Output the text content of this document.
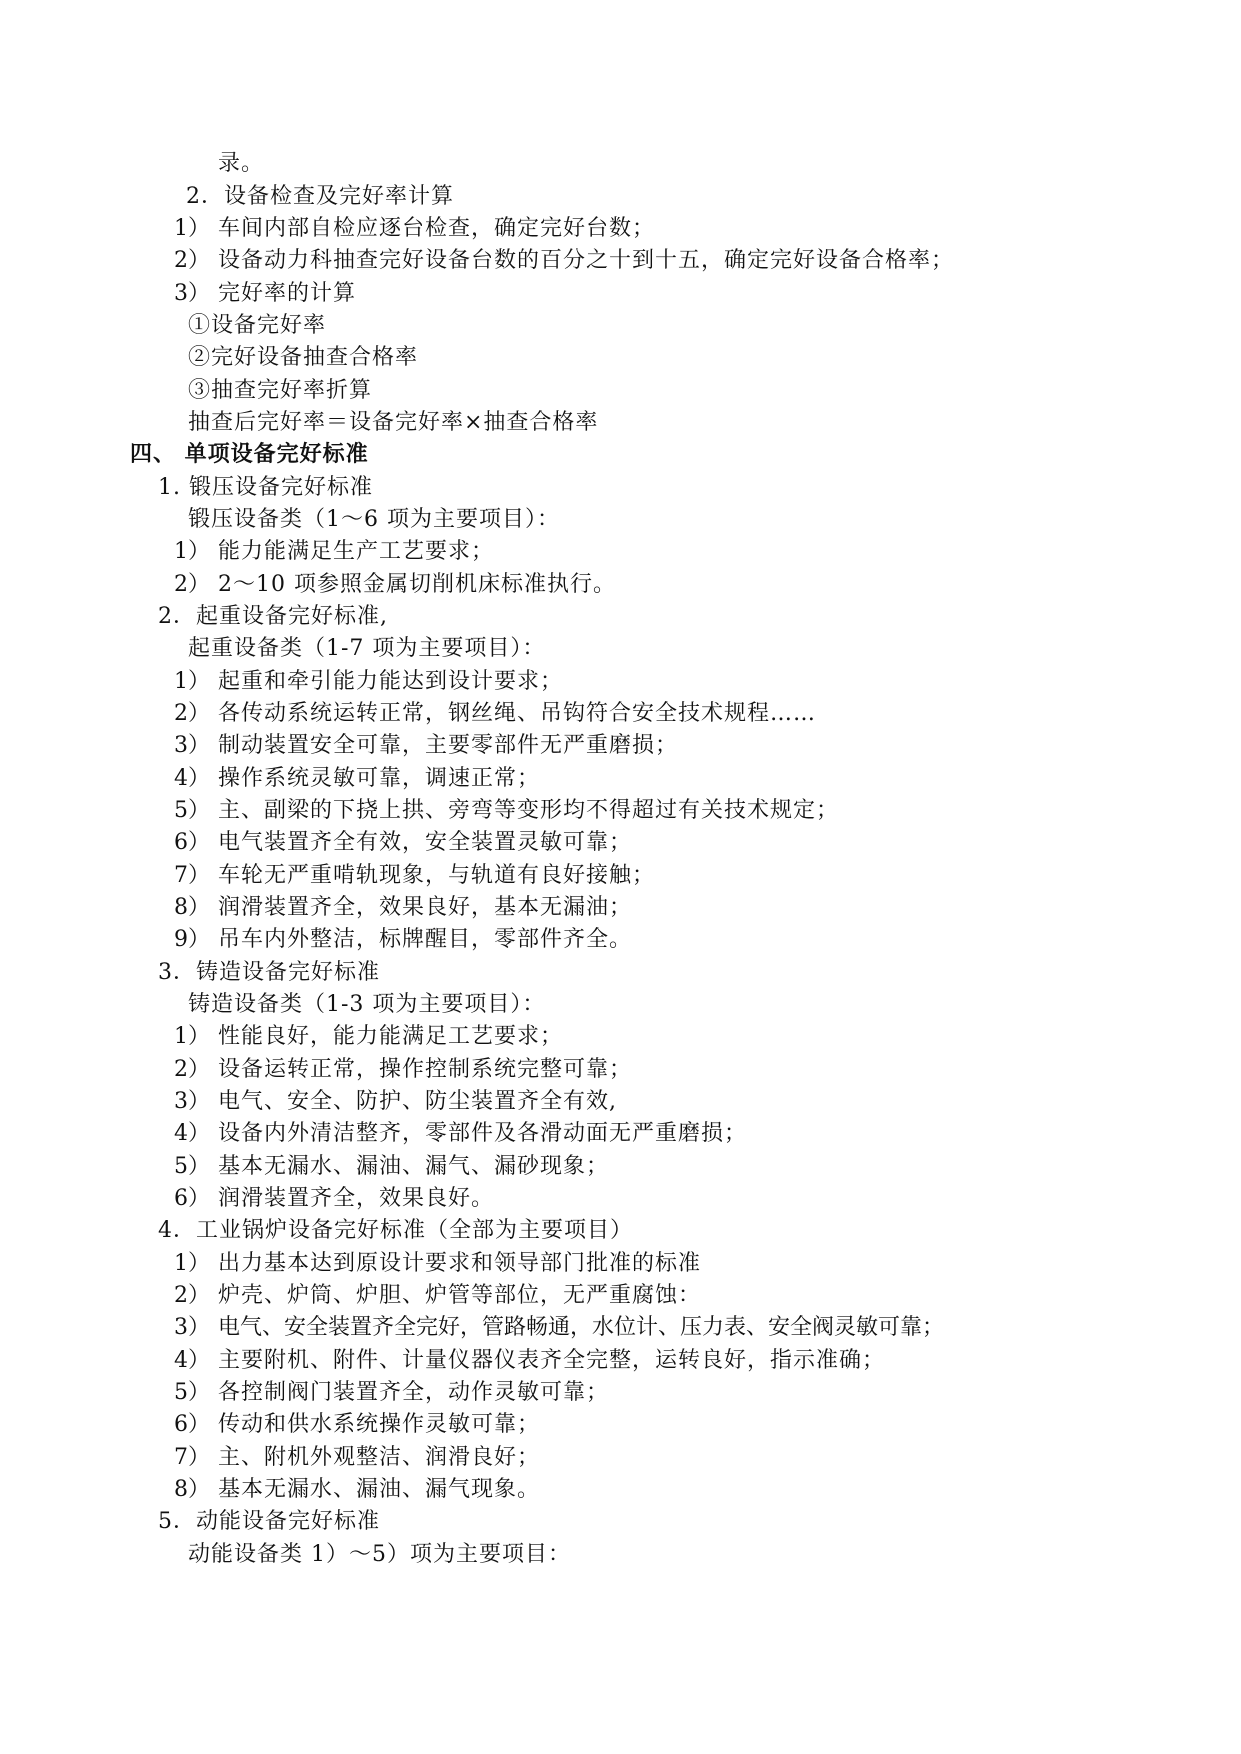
录。
2．设备检查及完好率计算
1） 车间内部自检应逐台检查，确定完好台数；
2） 设备动力科抽查完好设备台数的百分之十到十五，确定完好设备合格率；
3） 完好率的计算
①设备完好率
②完好设备抽查合格率
③抽查完好率折算
抽查后完好率＝设备完好率×抽查合格率
四、 单项设备完好标准
1. 锻压设备完好标准
锻压设备类（1～6 项为主要项目）：
1） 能力能满足生产工艺要求；
2） 2～10 项参照金属切削机床标准执行。
2．起重设备完好标准,
起重设备类（1-7 项为主要项目）：
1） 起重和牵引能力能达到设计要求；
2） 各传动系统运转正常，钢丝绳、吊钩符合安全技术规程……
3） 制动装置安全可靠，主要零部件无严重磨损；
4） 操作系统灵敏可靠，调速正常；
5） 主、副梁的下挠上拱、旁弯等变形均不得超过有关技术规定；
6） 电气装置齐全有效，安全装置灵敏可靠；
7） 车轮无严重啃轨现象，与轨道有良好接触；
8） 润滑装置齐全，效果良好，基本无漏油；
9） 吊车内外整洁，标牌醒目，零部件齐全。
3．铸造设备完好标准
铸造设备类（1-3 项为主要项目）：
1） 性能良好，能力能满足工艺要求；
2） 设备运转正常，操作控制系统完整可靠；
3） 电气、安全、防护、防尘装置齐全有效,
4） 设备内外清洁整齐，零部件及各滑动面无严重磨损；
5） 基本无漏水、漏油、漏气、漏砂现象；
6） 润滑装置齐全，效果良好。
4．工业锅炉设备完好标准（全部为主要项目）
1） 出力基本达到原设计要求和领导部门批准的标准
2） 炉壳、炉筒、炉胆、炉管等部位，无严重腐蚀：
3） 电气、安全装置齐全完好，管路畅通，水位计、压力表、安全阀灵敏可靠；
4） 主要附机、附件、计量仪器仪表齐全完整，运转良好，指示准确；
5） 各控制阀门装置齐全，动作灵敏可靠；
6） 传动和供水系统操作灵敏可靠；
7） 主、附机外观整洁、润滑良好；
8） 基本无漏水、漏油、漏气现象。
5．动能设备完好标准
动能设备类 1）～5）项为主要项目：
